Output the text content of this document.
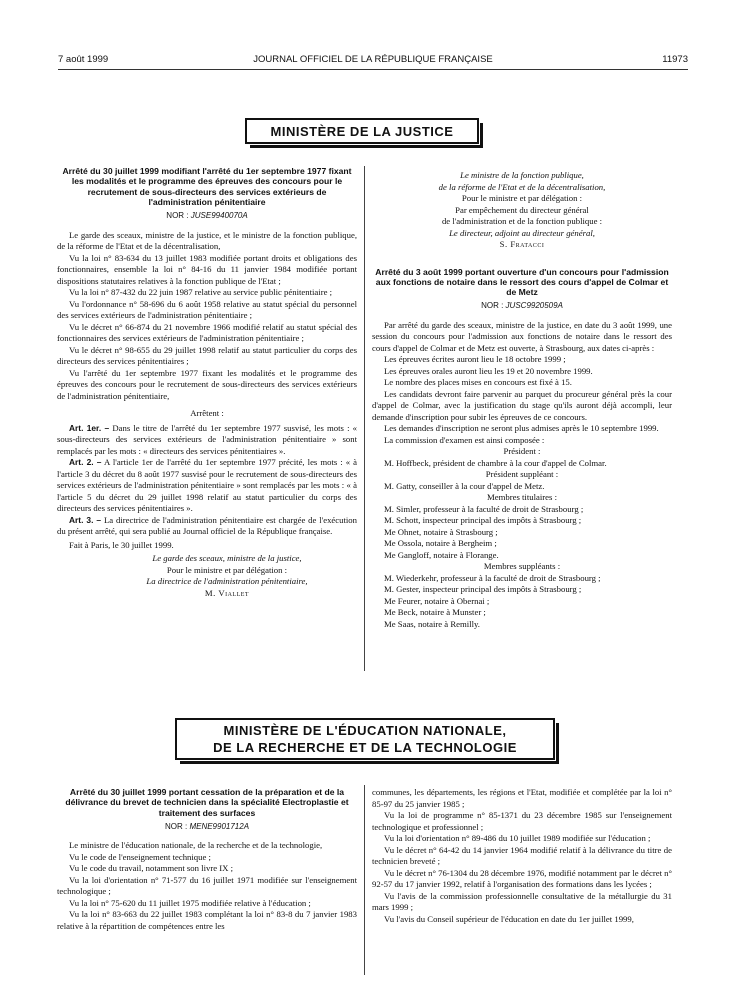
7 août 1999	JOURNAL OFFICIEL DE LA RÉPUBLIQUE FRANÇAISE	11973
MINISTÈRE DE LA JUSTICE
Arrêté du 30 juillet 1999 modifiant l'arrêté du 1er septembre 1977 fixant les modalités et le programme des épreuves des concours pour le recrutement de sous-directeurs des services extérieurs de l'administration pénitentiaire
NOR : JUSE9940070A

Le garde des sceaux, ministre de la justice, et le ministre de la fonction publique, de la réforme de l'Etat et de la décentralisation,

Vu la loi n° 83-634 du 13 juillet 1983 modifiée portant droits et obligations des fonctionnaires, ensemble la loi n° 84-16 du 11 janvier 1984 modifiée portant dispositions statutaires relatives à la fonction publique de l'Etat ;

Vu la loi n° 87-432 du 22 juin 1987 relative au service public pénitentiaire ;

Vu l'ordonnance n° 58-696 du 6 août 1958 relative au statut spécial du personnel des services extérieurs de l'administration pénitentiaire ;

Vu le décret n° 66-874 du 21 novembre 1966 modifié relatif au statut spécial des fonctionnaires des services extérieurs de l'administration pénitentiaire ;

Vu le décret n° 98-655 du 29 juillet 1998 relatif au statut particulier du corps des directeurs des services pénitentiaires ;

Vu l'arrêté du 1er septembre 1977 fixant les modalités et le programme des épreuves des concours pour le recrutement de sous-directeurs des services extérieurs de l'administration pénitentiaire,

Arrêtent :

Art. 1er. – Dans le titre de l'arrêté du 1er septembre 1977 susvisé, les mots : « sous-directeurs des services extérieurs de l'administration pénitentiaire » sont remplacés par les mots : « directeurs des services pénitentiaires ».

Art. 2. – A l'article 1er de l'arrêté du 1er septembre 1977 précité, les mots : « à l'article 3 du décret du 8 août 1977 susvisé pour le recrutement de sous-directeurs des services extérieurs de l'administration pénitentiaire » sont remplacés par les mots : « à l'article 5 du décret du 29 juillet 1998 relatif au statut particulier du corps des directeurs des services pénitentiaires ».

Art. 3. – La directrice de l'administration pénitentiaire est chargée de l'exécution du présent arrêté, qui sera publié au Journal officiel de la République française.

Fait à Paris, le 30 juillet 1999.

Le garde des sceaux, ministre de la justice,
Pour le ministre et par délégation :
La directrice de l'administration pénitentiaire,
M. Viallet
Le ministre de la fonction publique,
de la réforme de l'Etat et de la décentralisation,
Pour le ministre et par délégation :
Par empêchement du directeur général
de l'administration et de la fonction publique :
Le directeur, adjoint au directeur général,
S. Fratacci
Arrêté du 3 août 1999 portant ouverture d'un concours pour l'admission aux fonctions de notaire dans le ressort des cours d'appel de Colmar et de Metz
NOR : JUSC9920509A

Par arrêté du garde des sceaux, ministre de la justice, en date du 3 août 1999, une session du concours pour l'admission aux fonctions de notaire dans le ressort des cours d'appel de Colmar et de Metz est ouverte, à Strasbourg, aux dates ci-après :

Les épreuves écrites auront lieu le 18 octobre 1999 ;

Les épreuves orales auront lieu les 19 et 20 novembre 1999.

Le nombre des places mises en concours est fixé à 15.

Les candidats devront faire parvenir au parquet du procureur général près la cour d'appel de Colmar, avec la justification du stage qu'ils auront déjà accompli, leur demande d'inscription pour subir les épreuves de ce concours.

Les demandes d'inscription ne seront plus admises après le 10 septembre 1999.

La commission d'examen est ainsi composée :

Président :

M. Hoffbeck, président de chambre à la cour d'appel de Colmar.

Président suppléant :

M. Gatty, conseiller à la cour d'appel de Metz.

Membres titulaires :

M. Simler, professeur à la faculté de droit de Strasbourg ;

M. Schott, inspecteur principal des impôts à Strasbourg ;

Me Ohnet, notaire à Strasbourg ;

Me Ossola, notaire à Bergheim ;

Me Gangloff, notaire à Florange.

Membres suppléants :

M. Wiederkehr, professeur à la faculté de droit de Strasbourg ;

M. Gester, inspecteur principal des impôts à Strasbourg ;

Me Feurer, notaire à Obernai ;

Me Beck, notaire à Munster ;

Me Saas, notaire à Remilly.

MINISTÈRE DE L'ÉDUCATION NATIONALE,
DE LA RECHERCHE ET DE LA TECHNOLOGIE
Arrêté du 30 juillet 1999 portant cessation de la préparation et de la délivrance du brevet de technicien dans la spécialité Electroplastie et traitement des surfaces
NOR : MENE9901712A

Le ministre de l'éducation nationale, de la recherche et de la technologie,

Vu le code de l'enseignement technique ;

Vu le code du travail, notamment son livre IX ;

Vu la loi d'orientation n° 71-577 du 16 juillet 1971 modifiée sur l'enseignement technologique ;

Vu la loi n° 75-620 du 11 juillet 1975 modifiée relative à l'éducation ;

Vu la loi n° 83-663 du 22 juillet 1983 complétant la loi n° 83-8 du 7 janvier 1983 relative à la répartition de compétences entre les

communes, les départements, les régions et l'Etat, modifiée et complétée par la loi n° 85-97 du 25 janvier 1985 ;

Vu la loi de programme n° 85-1371 du 23 décembre 1985 sur l'enseignement technologique et professionnel ;

Vu la loi d'orientation n° 89-486 du 10 juillet 1989 modifiée sur l'éducation ;

Vu le décret n° 64-42 du 14 janvier 1964 modifié relatif à la délivrance du titre de technicien breveté ;

Vu le décret n° 76-1304 du 28 décembre 1976, modifié notamment par le décret n° 92-57 du 17 janvier 1992, relatif à l'organisation des formations dans les lycées ;

Vu l'avis de la commission professionnelle consultative de la métallurgie du 31 mars 1999 ;

Vu l'avis du Conseil supérieur de l'éducation en date du 1er juillet 1999,
